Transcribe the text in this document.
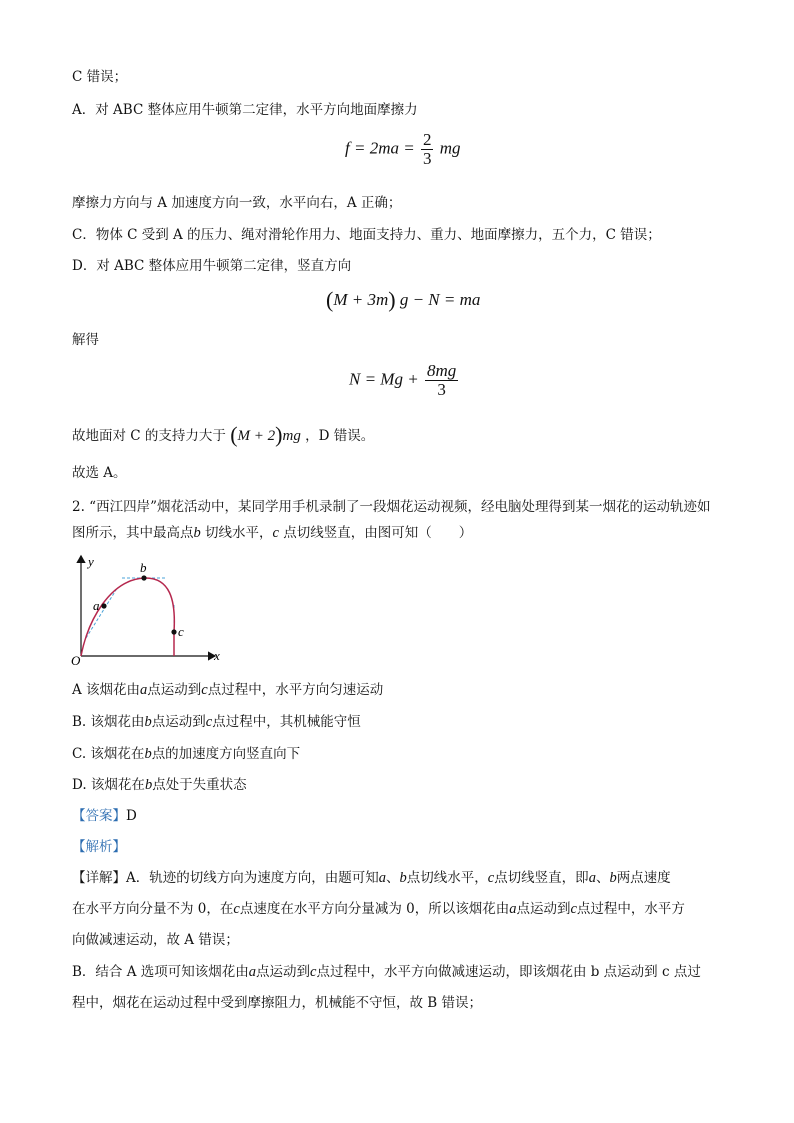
C 错误；
A．对 ABC 整体应用牛顿第二定律，水平方向地面摩擦力
$f = 2ma = \frac{2}{3}$ mg
摩擦力方向与 A 加速度方向一致，水平向右，A 正确；
C．物体 C 受到 A 的压力、绳对滑轮作用力、地面支持力、重力、地面摩擦力，五个力，C 错误；
D．对 ABC 整体应用牛顿第二定律，竖直方向
(M + 3m) g − N = ma
解得
$N = Mg + \frac{8mg}{3}$
故地面对 C 的支持力大于 (M + 2)mg ，D 错误。
故选 A。
2. “西江四岸”烟花活动中，某同学用手机录制了一段烟花运动视频，经电脑处理得到某一烟花的运动轨迹如
图所示，其中最高点b 切线水平，c 点切线竖直，由图可知（　　）
y
x
O
a
b
c
A 该烟花由a点运动到c点过程中，水平方向匀速运动
B. 该烟花由b点运动到c点过程中，其机械能守恒
C. 该烟花在b点的加速度方向竖直向下
D. 该烟花在b点处于失重状态
【答案】D
【解析】
【详解】A．轨迹的切线方向为速度方向，由题可知a、b点切线水平，c点切线竖直，即a、b两点速度
在水平方向分量不为 0，在c点速度在水平方向分量减为 0，所以该烟花由a点运动到c点过程中，水平方
向做减速运动，故 A 错误；
B．结合 A 选项可知该烟花由a点运动到c点过程中，水平方向做减速运动，即该烟花由 b 点运动到 c 点过
程中，烟花在运动过程中受到摩擦阻力，机械能不守恒，故 B 错误；
